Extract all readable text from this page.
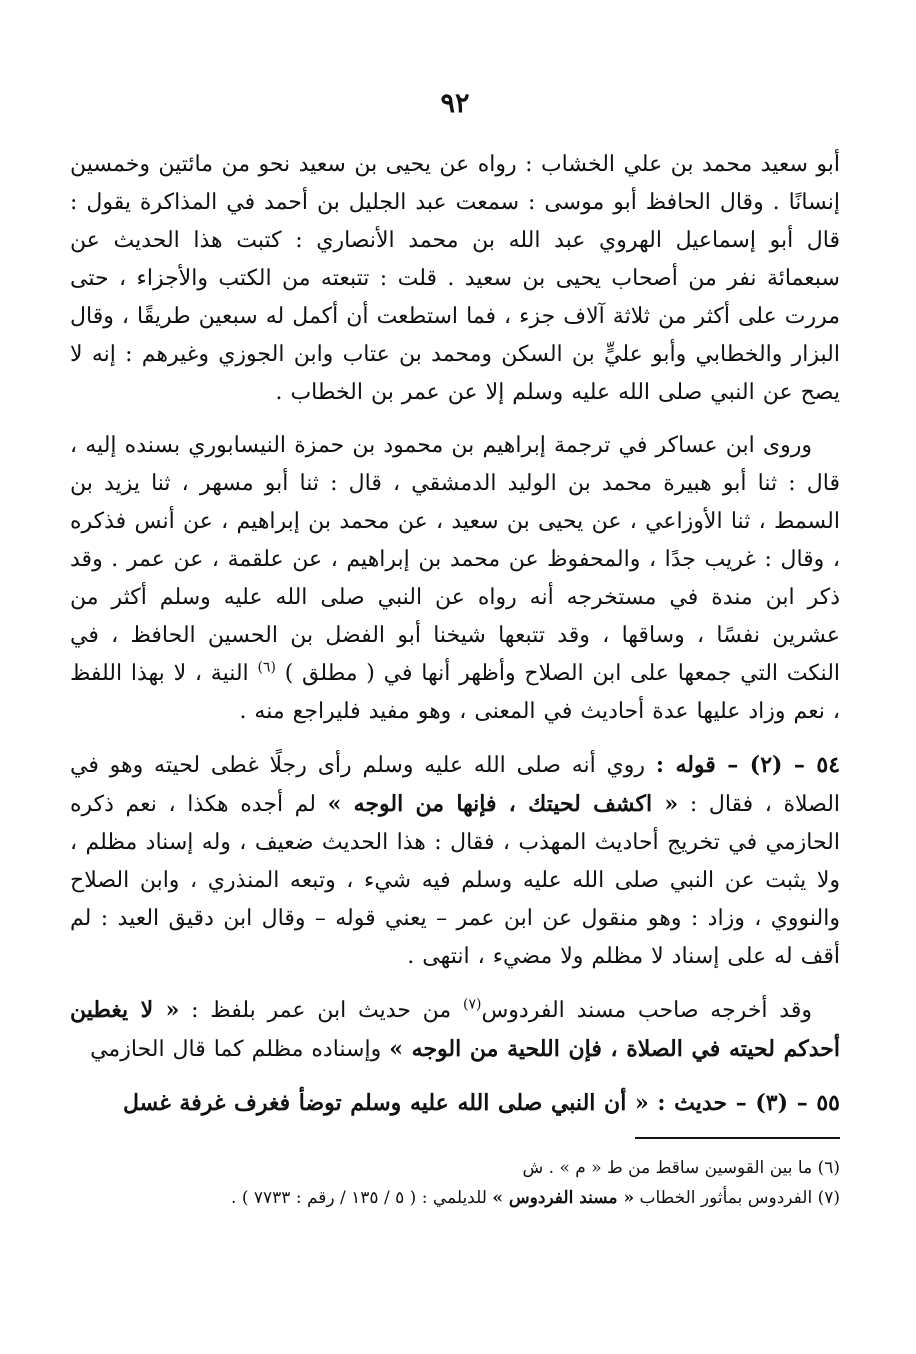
٩٢

أبو سعيد محمد بن علي الخشاب : رواه عن يحيى بن سعيد نحو من مائتين وخمسين إنسانًا . وقال الحافظ أبو موسى : سمعت عبد الجليل بن أحمد في المذاكرة يقول : قال أبو إسماعيل الهروي عبد الله بن محمد الأنصاري : كتبت هذا الحديث عن سبعمائة نفر من أصحاب يحيى بن سعيد . قلت : تتبعته من الكتب والأجزاء ، حتى مررت على أكثر من ثلاثة آلاف جزء ، فما استطعت أن أكمل له سبعين طريقًا ، وقال البزار والخطابي وأبو عليٍّ بن السكن ومحمد بن عتاب وابن الجوزي وغيرهم : إنه لا يصح عن النبي صلى الله عليه وسلم إلا عن عمر بن الخطاب .

وروى ابن عساكر في ترجمة إبراهيم بن محمود بن حمزة النيسابوري بسنده إليه ، قال : ثنا أبو هبيرة محمد بن الوليد الدمشقي ، قال : ثنا أبو مسهر ، ثنا يزيد بن السمط ، ثنا الأوزاعي ، عن يحيى بن سعيد ، عن محمد بن إبراهيم ، عن أنس فذكره ، وقال : غريب جدًا ، والمحفوظ عن محمد بن إبراهيم ، عن علقمة ، عن عمر . وقد ذكر ابن مندة في مستخرجه أنه رواه عن النبي صلى الله عليه وسلم أكثر من عشرين نفسًا ، وساقها ، وقد تتبعها شيخنا أبو الفضل بن الحسين الحافظ ، في النكت التي جمعها على ابن الصلاح وأظهر أنها في ( مطلق ) $^{(٦)}$ النية ، لا بهذا اللفظ ، نعم وزاد عليها عدة أحاديث في المعنى ، وهو مفيد فليراجع منه .

٥٤ – (٢) – قوله : روي أنه صلى الله عليه وسلم رأى رجلًا غطى لحيته وهو في الصلاة ، فقال : « اكشف لحيتك ، فإنها من الوجه » لم أجده هكذا ، نعم ذكره الحازمي في تخريج أحاديث المهذب ، فقال : هذا الحديث ضعيف ، وله إسناد مظلم ، ولا يثبت عن النبي صلى الله عليه وسلم فيه شيء ، وتبعه المنذري ، وابن الصلاح والنووي ، وزاد : وهو منقول عن ابن عمر – يعني قوله – وقال ابن دقيق العيد : لم أقف له على إسناد لا مظلم ولا مضيء ، انتهى .

وقد أخرجه صاحب مسند الفردوس$^{(٧)}$ من حديث ابن عمر بلفظ : « لا يغطين أحدكم لحيته في الصلاة ، فإن اللحية من الوجه » وإسناده مظلم كما قال الحازمي

٥٥ – (٣) – حديث : « أن النبي صلى الله عليه وسلم توضأ فغرف غرفة غسل

(٦) ما بين القوسين ساقط من ط « م » . ش

(٧) الفردوس بمأثور الخطاب « مسند الفردوس » للديلمي : ( ٥ / ١٣٥ / رقم : ٧٧٣٣ ) .
